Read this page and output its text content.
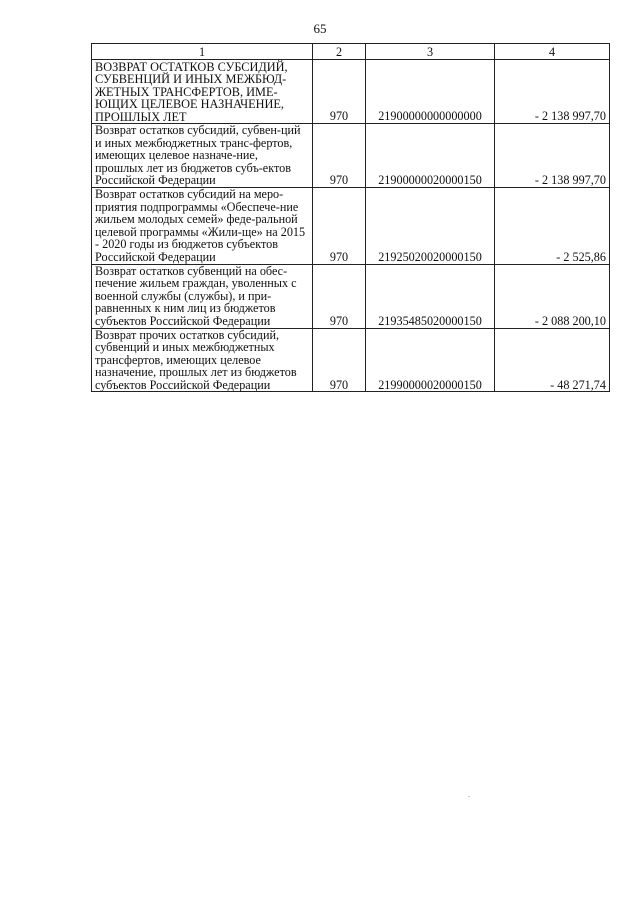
65
1	2	3	4
ВОЗВРАТ ОСТАТКОВ СУБСИДИЙ, СУБВЕНЦИЙ И ИНЫХ МЕЖБЮД-ЖЕТНЫХ ТРАНСФЕРТОВ, ИМЕ-ЮЩИХ ЦЕЛЕВОЕ НАЗНАЧЕНИЕ, ПРОШЛЫХ ЛЕТ	970	21900000000000000	- 2 138 997,70
Возврат остатков субсидий, субвен-ций и иных межбюджетных транс-фертов, имеющих целевое назначе-ние, прошлых лет из бюджетов субъ-ектов Российской Федерации	970	21900000020000150	- 2 138 997,70
Возврат остатков субсидий на меро-приятия подпрограммы «Обеспече-ние жильем молодых семей» феде-ральной целевой программы «Жили-ще» на 2015 - 2020 годы из бюджетов субъектов Российской Федерации	970	21925020020000150	- 2 525,86
Возврат остатков субвенций на обес-печение жильем граждан, уволенных с военной службы (службы), и при-равненных к ним лиц из бюджетов субъектов Российской Федерации	970	21935485020000150	- 2 088 200,10
Возврат прочих остатков субсидий, субвенций и иных межбюджетных трансфертов, имеющих целевое назначение, прошлых лет из бюджетов субъектов Российской Федерации	970	21990000020000150	- 48 271,74
